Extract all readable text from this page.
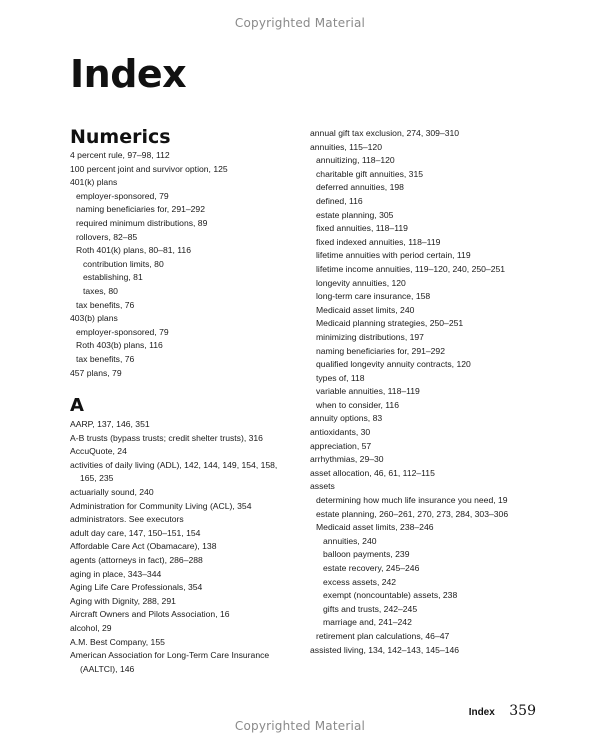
Copyrighted Material
Index
Numerics
4 percent rule, 97–98, 112
100 percent joint and survivor option, 125
401(k) plans
employer-sponsored, 79
naming beneficiaries for, 291–292
required minimum distributions, 89
rollovers, 82–85
Roth 401(k) plans, 80–81, 116
contribution limits, 80
establishing, 81
taxes, 80
tax benefits, 76
403(b) plans
employer-sponsored, 79
Roth 403(b) plans, 116
tax benefits, 76
457 plans, 79
A
AARP, 137, 146, 351
A-B trusts (bypass trusts; credit shelter trusts), 316
AccuQuote, 24
activities of daily living (ADL), 142, 144, 149, 154, 158, 165, 235
actuarially sound, 240
Administration for Community Living (ACL), 354
administrators. See executors
adult day care, 147, 150–151, 154
Affordable Care Act (Obamacare), 138
agents (attorneys in fact), 286–288
aging in place, 343–344
Aging Life Care Professionals, 354
Aging with Dignity, 288, 291
Aircraft Owners and Pilots Association, 16
alcohol, 29
A.M. Best Company, 155
American Association for Long-Term Care Insurance (AALTCI), 146
annual gift tax exclusion, 274, 309–310
annuities, 115–120
annuitizing, 118–120
charitable gift annuities, 315
deferred annuities, 198
defined, 116
estate planning, 305
fixed annuities, 118–119
fixed indexed annuities, 118–119
lifetime annuities with period certain, 119
lifetime income annuities, 119–120, 240, 250–251
longevity annuities, 120
long-term care insurance, 158
Medicaid asset limits, 240
Medicaid planning strategies, 250–251
minimizing distributions, 197
naming beneficiaries for, 291–292
qualified longevity annuity contracts, 120
types of, 118
variable annuities, 118–119
when to consider, 116
annuity options, 83
antioxidants, 30
appreciation, 57
arrhythmias, 29–30
asset allocation, 46, 61, 112–115
assets
determining how much life insurance you need, 19
estate planning, 260–261, 270, 273, 284, 303–306
Medicaid asset limits, 238–246
annuities, 240
balloon payments, 239
estate recovery, 245–246
excess assets, 242
exempt (noncountable) assets, 238
gifts and trusts, 242–245
marriage and, 241–242
retirement plan calculations, 46–47
assisted living, 134, 142–143, 145–146
Index 359
Copyrighted Material
